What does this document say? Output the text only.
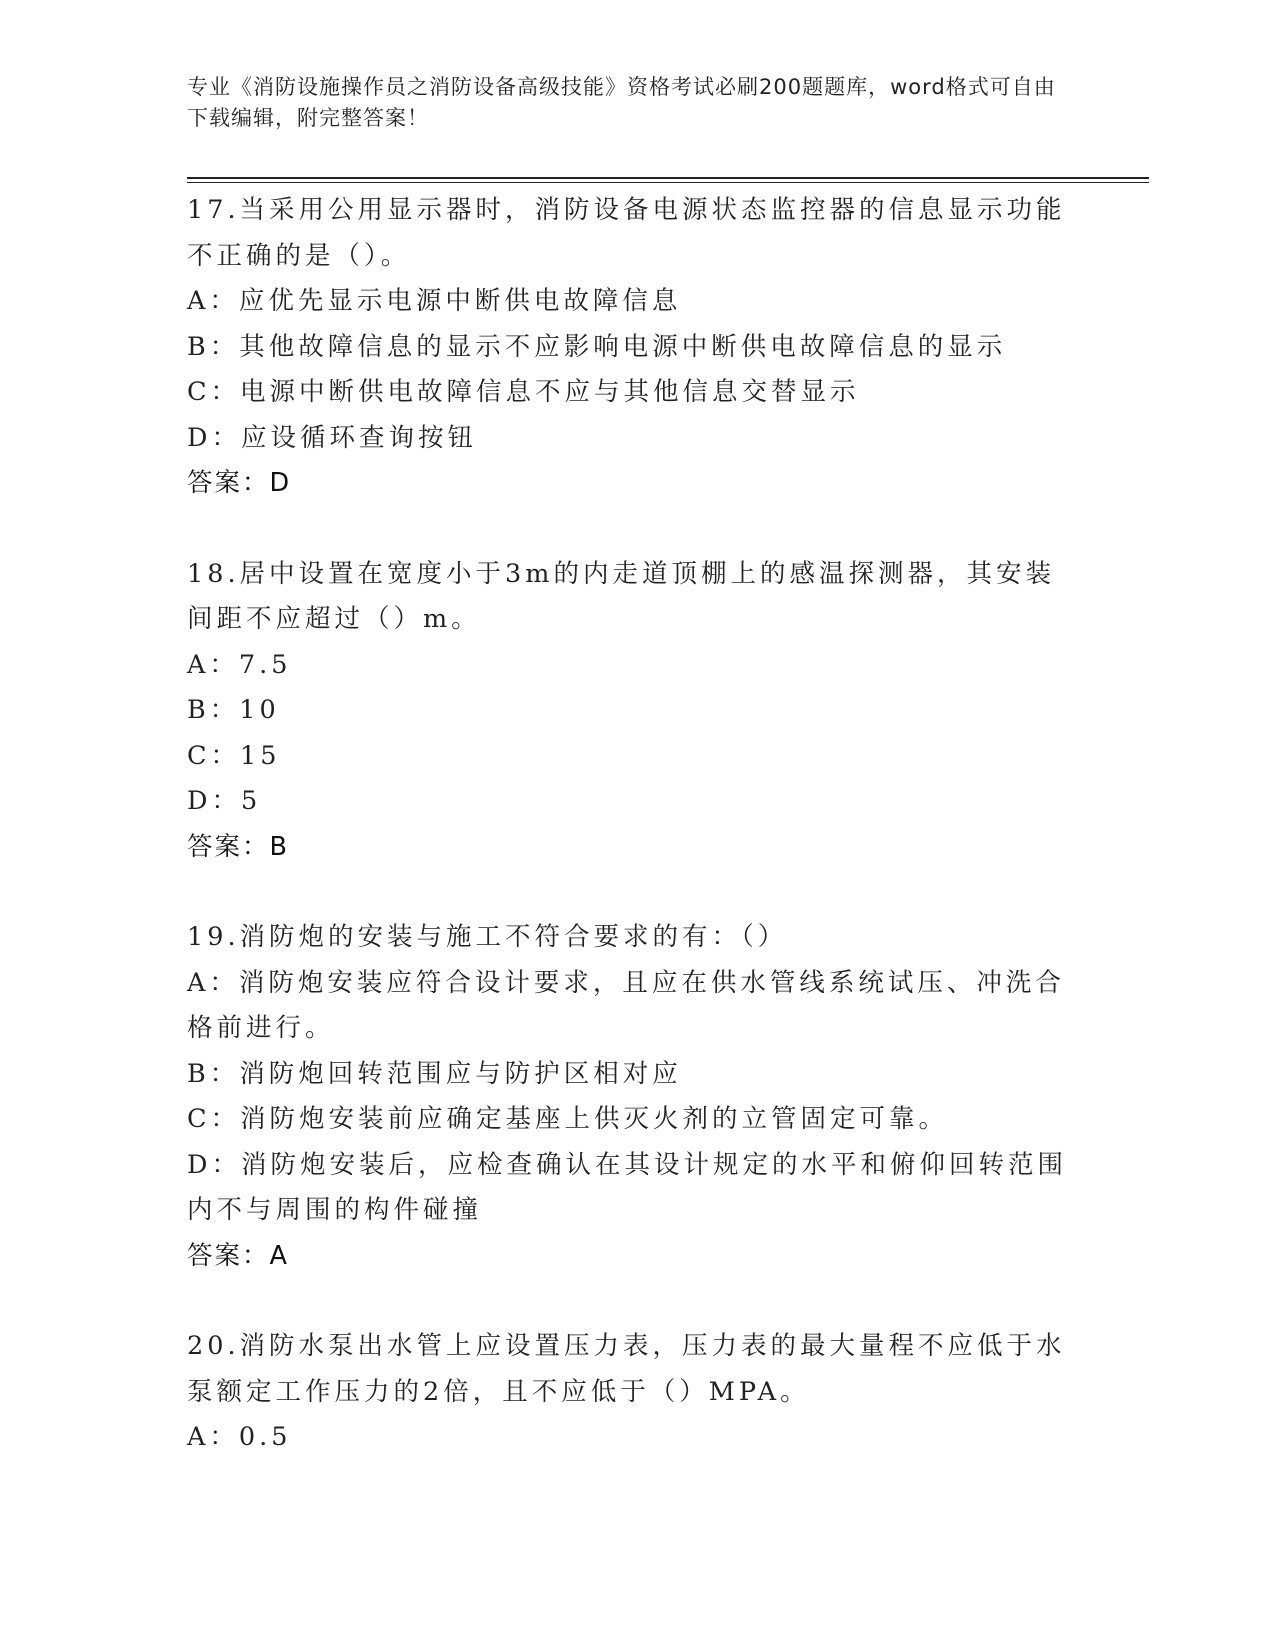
专业《消防设施操作员之消防设备高级技能》资格考试必刷200题题库，word格式可自由下载编辑，附完整答案！
17.当采用公用显示器时，消防设备电源状态监控器的信息显示功能不正确的是（）。
A：应优先显示电源中断供电故障信息
B：其他故障信息的显示不应影响电源中断供电故障信息的显示
C：电源中断供电故障信息不应与其他信息交替显示
D：应设循环查询按钮
答案：D
18.居中设置在宽度小于3m的内走道顶棚上的感温探测器，其安装间距不应超过（）m。
A：7.5
B：10
C：15
D：5
答案：B
19.消防炮的安装与施工不符合要求的有：（）
A：消防炮安装应符合设计要求，且应在供水管线系统试压、冲洗合格前进行。
B：消防炮回转范围应与防护区相对应
C：消防炮安装前应确定基座上供灭火剂的立管固定可靠。
D：消防炮安装后，应检查确认在其设计规定的水平和俯仰回转范围内不与周围的构件碰撞
答案：A
20.消防水泵出水管上应设置压力表，压力表的最大量程不应低于水泵额定工作压力的2倍，且不应低于（）MPA。
A：0.5
